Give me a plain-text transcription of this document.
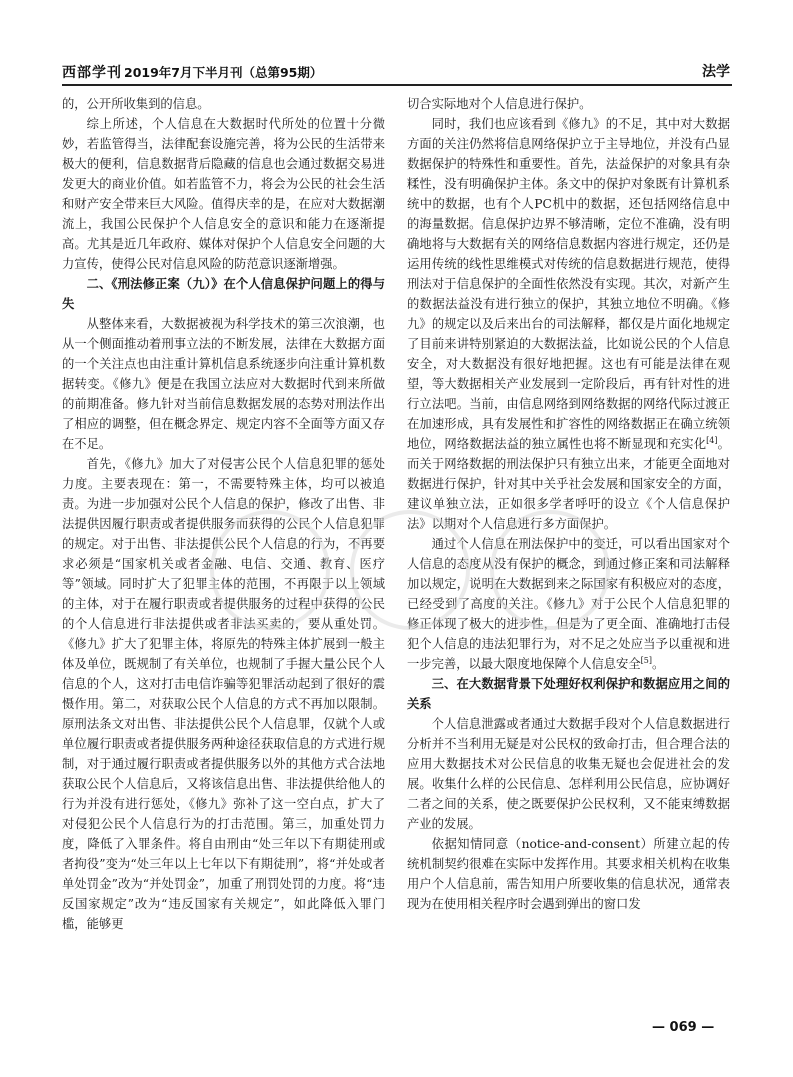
西部学刊 2019年7月下半月刊（总第95期）	法学

的，公开所收集到的信息。

综上所述，个人信息在大数据时代所处的位置十分微妙，若监管得当，法律配套设施完善，将为公民的生活带来极大的便利，信息数据背后隐藏的信息也会通过数据交易进发更大的商业价值。如若监管不力，将会为公民的社会生活和财产安全带来巨大风险。值得庆幸的是，在应对大数据潮流上，我国公民保护个人信息安全的意识和能力在逐渐提高。尤其是近几年政府、媒体对保护个人信息安全问题的大力宣传，使得公民对信息风险的防范意识逐渐增强。

二、《刑法修正案（九）》在个人信息保护问题上的得与失

从整体来看，大数据被视为科学技术的第三次浪潮，也从一个侧面推动着刑事立法的不断发展，法律在大数据方面的一个关注点也由注重计算机信息系统逐步向注重计算机数据转变。《修九》便是在我国立法应对大数据时代到来所做的前期准备。修九针对当前信息数据发展的态势对刑法作出了相应的调整，但在概念界定、规定内容不全面等方面又存在不足。

首先，《修九》加大了对侵害公民个人信息犯罪的惩处力度。主要表现在：第一，不需要特殊主体，均可以被追责。为进一步加强对公民个人信息的保护，修改了出售、非法提供因履行职责或者提供服务而获得的公民个人信息犯罪的规定。对于出售、非法提供公民个人信息的行为，不再要求必须是“国家机关或者金融、电信、交通、教育、医疗等”领域。同时扩大了犯罪主体的范围，不再限于以上领域的主体，对于在履行职责或者提供服务的过程中获得的公民的个人信息进行非法提供或者非法买卖的，要从重处罚。《修九》扩大了犯罪主体，将原先的特殊主体扩展到一般主体及单位，既规制了有关单位，也规制了手握大量公民个人信息的个人，这对打击电信诈骗等犯罪活动起到了很好的震慑作用。第二，对获取公民个人信息的方式不再加以限制。原刑法条文对出售、非法提供公民个人信息罪，仅就个人或单位履行职责或者提供服务两种途径获取信息的方式进行规制，对于通过履行职责或者提供服务以外的其他方式合法地获取公民个人信息后，又将该信息出售、非法提供给他人的行为并没有进行惩处，《修九》弥补了这一空白点，扩大了对侵犯公民个人信息行为的打击范围。第三，加重处罚力度，降低了入罪条件。将自由刑由“处三年以下有期徒刑或者拘役”变为“处三年以上七年以下有期徒刑”，将“并处或者单处罚金”改为“并处罚金”，加重了刑罚处罚的力度。将“违反国家规定”改为“违反国家有关规定”，如此降低入罪门槛，能够更

切合实际地对个人信息进行保护。

同时，我们也应该看到《修九》的不足，其中对大数据方面的关注仍然将信息网络保护立于主导地位，并没有凸显数据保护的特殊性和重要性。首先，法益保护的对象具有杂糅性，没有明确保护主体。条文中的保护对象既有计算机系统中的数据，也有个人PC机中的数据，还包括网络信息中的海量数据。信息保护边界不够清晰，定位不准确，没有明确地将与大数据有关的网络信息数据内容进行规定，还仍是运用传统的线性思维模式对传统的信息数据进行规范，使得刑法对于信息保护的全面性依然没有实现。其次，对新产生的数据法益没有进行独立的保护，其独立地位不明确。《修九》的规定以及后来出台的司法解释，都仅是片面化地规定了目前来讲特别紧迫的大数据法益，比如说公民的个人信息安全，对大数据没有很好地把握。这也有可能是法律在观望，等大数据相关产业发展到一定阶段后，再有针对性的进行立法吧。当前，由信息网络到网络数据的网络代际过渡正在加速形成，具有发展性和扩容性的网络数据正在确立统领地位，网络数据法益的独立属性也将不断显现和充实化[4]。而关于网络数据的刑法保护只有独立出来，才能更全面地对数据进行保护，针对其中关乎社会发展和国家安全的方面，建议单独立法，正如很多学者呼吁的设立《个人信息保护法》以期对个人信息进行多方面保护。

通过个人信息在刑法保护中的变迁，可以看出国家对个人信息的态度从没有保护的概念，到通过修正案和司法解释加以规定，说明在大数据到来之际国家有积极应对的态度，已经受到了高度的关注。《修九》对于公民个人信息犯罪的修正体现了极大的进步性，但是为了更全面、准确地打击侵犯个人信息的违法犯罪行为，对不足之处应当予以重视和进一步完善，以最大限度地保障个人信息安全[5]。

三、在大数据背景下处理好权利保护和数据应用之间的关系

个人信息泄露或者通过大数据手段对个人信息数据进行分析并不当利用无疑是对公民权的致命打击，但合理合法的应用大数据技术对公民信息的收集无疑也会促进社会的发展。收集什么样的公民信息、怎样利用公民信息，应协调好二者之间的关系，使之既要保护公民权利，又不能束缚数据产业的发展。

依据知情同意（notice-and-consent）所建立起的传统机制契约很难在实际中发挥作用。其要求相关机构在收集用户个人信息前，需告知用户所要收集的信息状况，通常表现为在使用相关程序时会遇到弹出的窗口发

— 069 —
